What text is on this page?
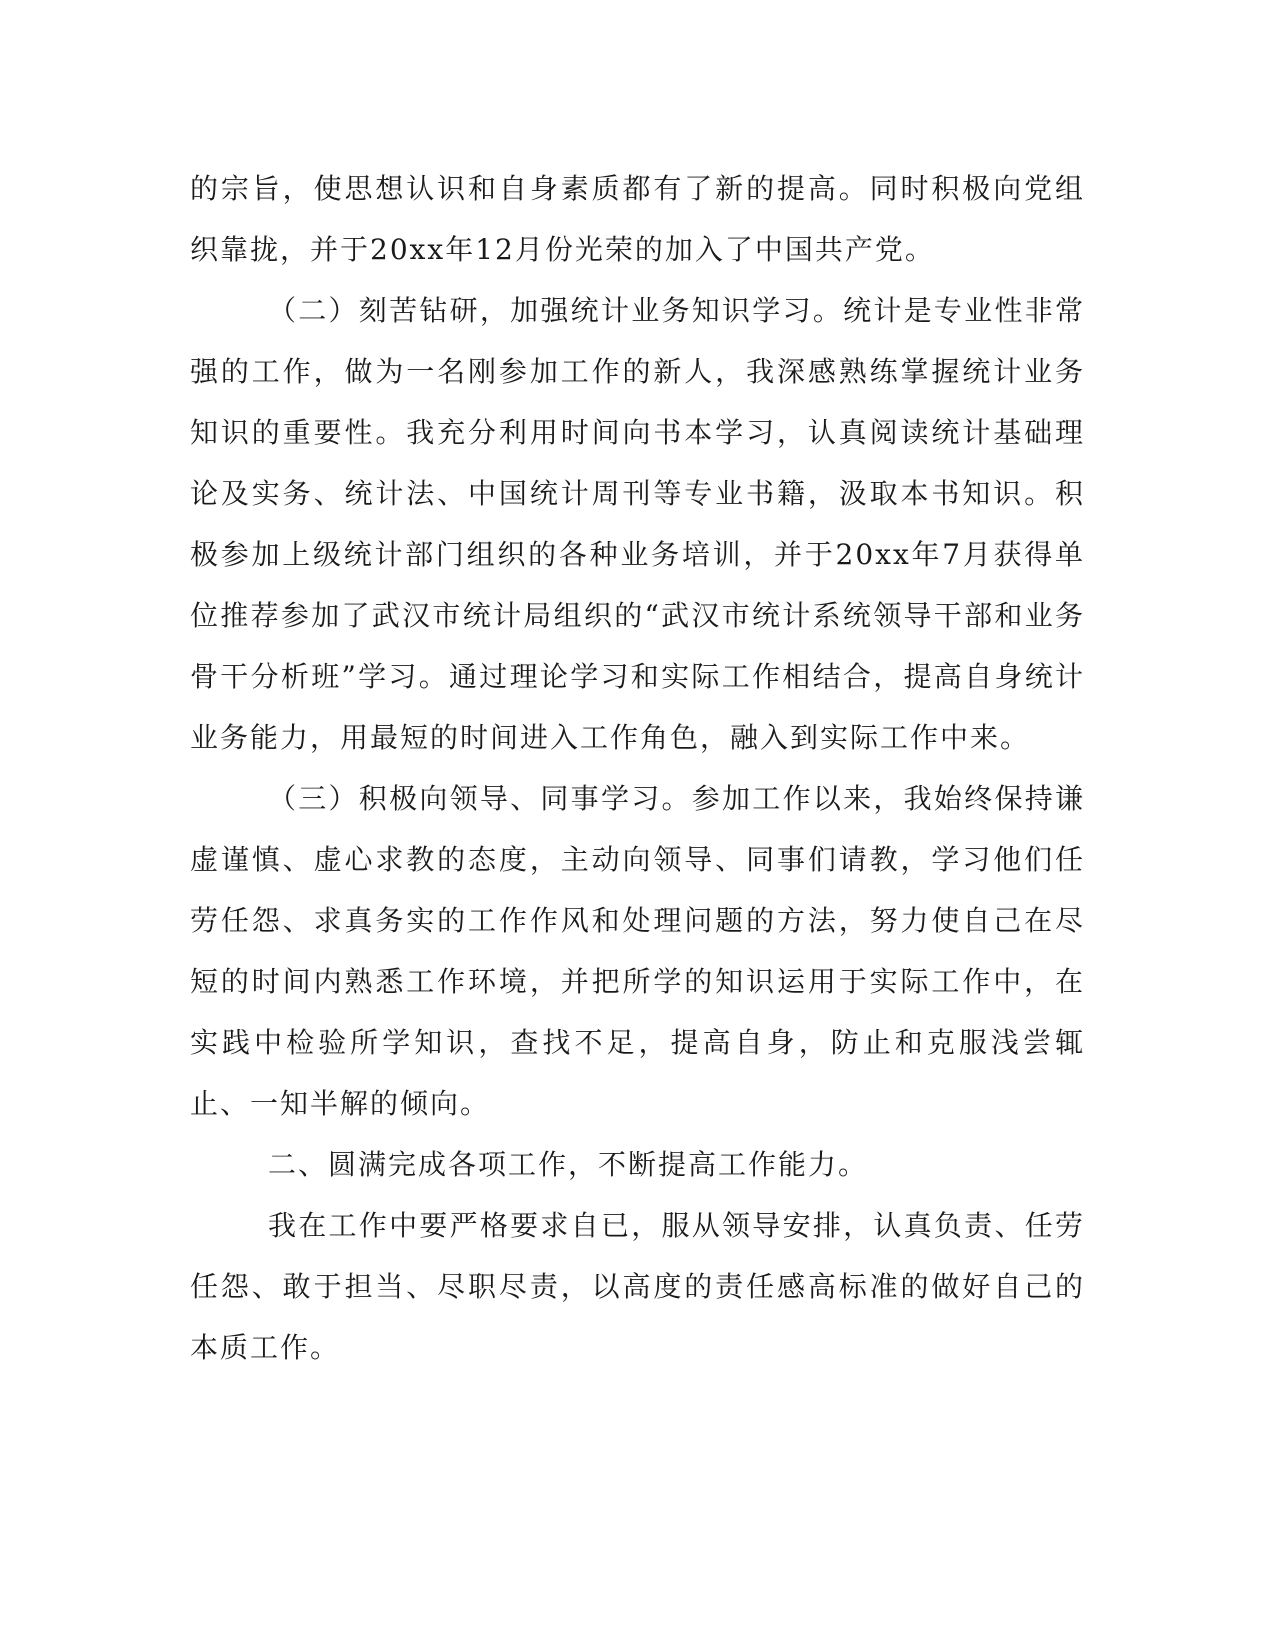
的宗旨，使思想认识和自身素质都有了新的提高。同时积极向党组织靠拢，并于20xx年12月份光荣的加入了中国共产党。

（二）刻苦钻研，加强统计业务知识学习。统计是专业性非常强的工作，做为一名刚参加工作的新人，我深感熟练掌握统计业务知识的重要性。我充分利用时间向书本学习，认真阅读统计基础理论及实务、统计法、中国统计周刊等专业书籍，汲取本书知识。积极参加上级统计部门组织的各种业务培训，并于20xx年7月获得单位推荐参加了武汉市统计局组织的“武汉市统计系统领导干部和业务骨干分析班”学习。通过理论学习和实际工作相结合，提高自身统计业务能力，用最短的时间进入工作角色，融入到实际工作中来。

（三）积极向领导、同事学习。参加工作以来，我始终保持谦虚谨慎、虚心求教的态度，主动向领导、同事们请教，学习他们任劳任怨、求真务实的工作作风和处理问题的方法，努力使自己在尽短的时间内熟悉工作环境，并把所学的知识运用于实际工作中，在实践中检验所学知识，查找不足，提高自身，防止和克服浅尝辄止、一知半解的倾向。

二、圆满完成各项工作，不断提高工作能力。

我在工作中要严格要求自已，服从领导安排，认真负责、任劳任怨、敢于担当、尽职尽责，以高度的责任感高标准的做好自己的本质工作。
